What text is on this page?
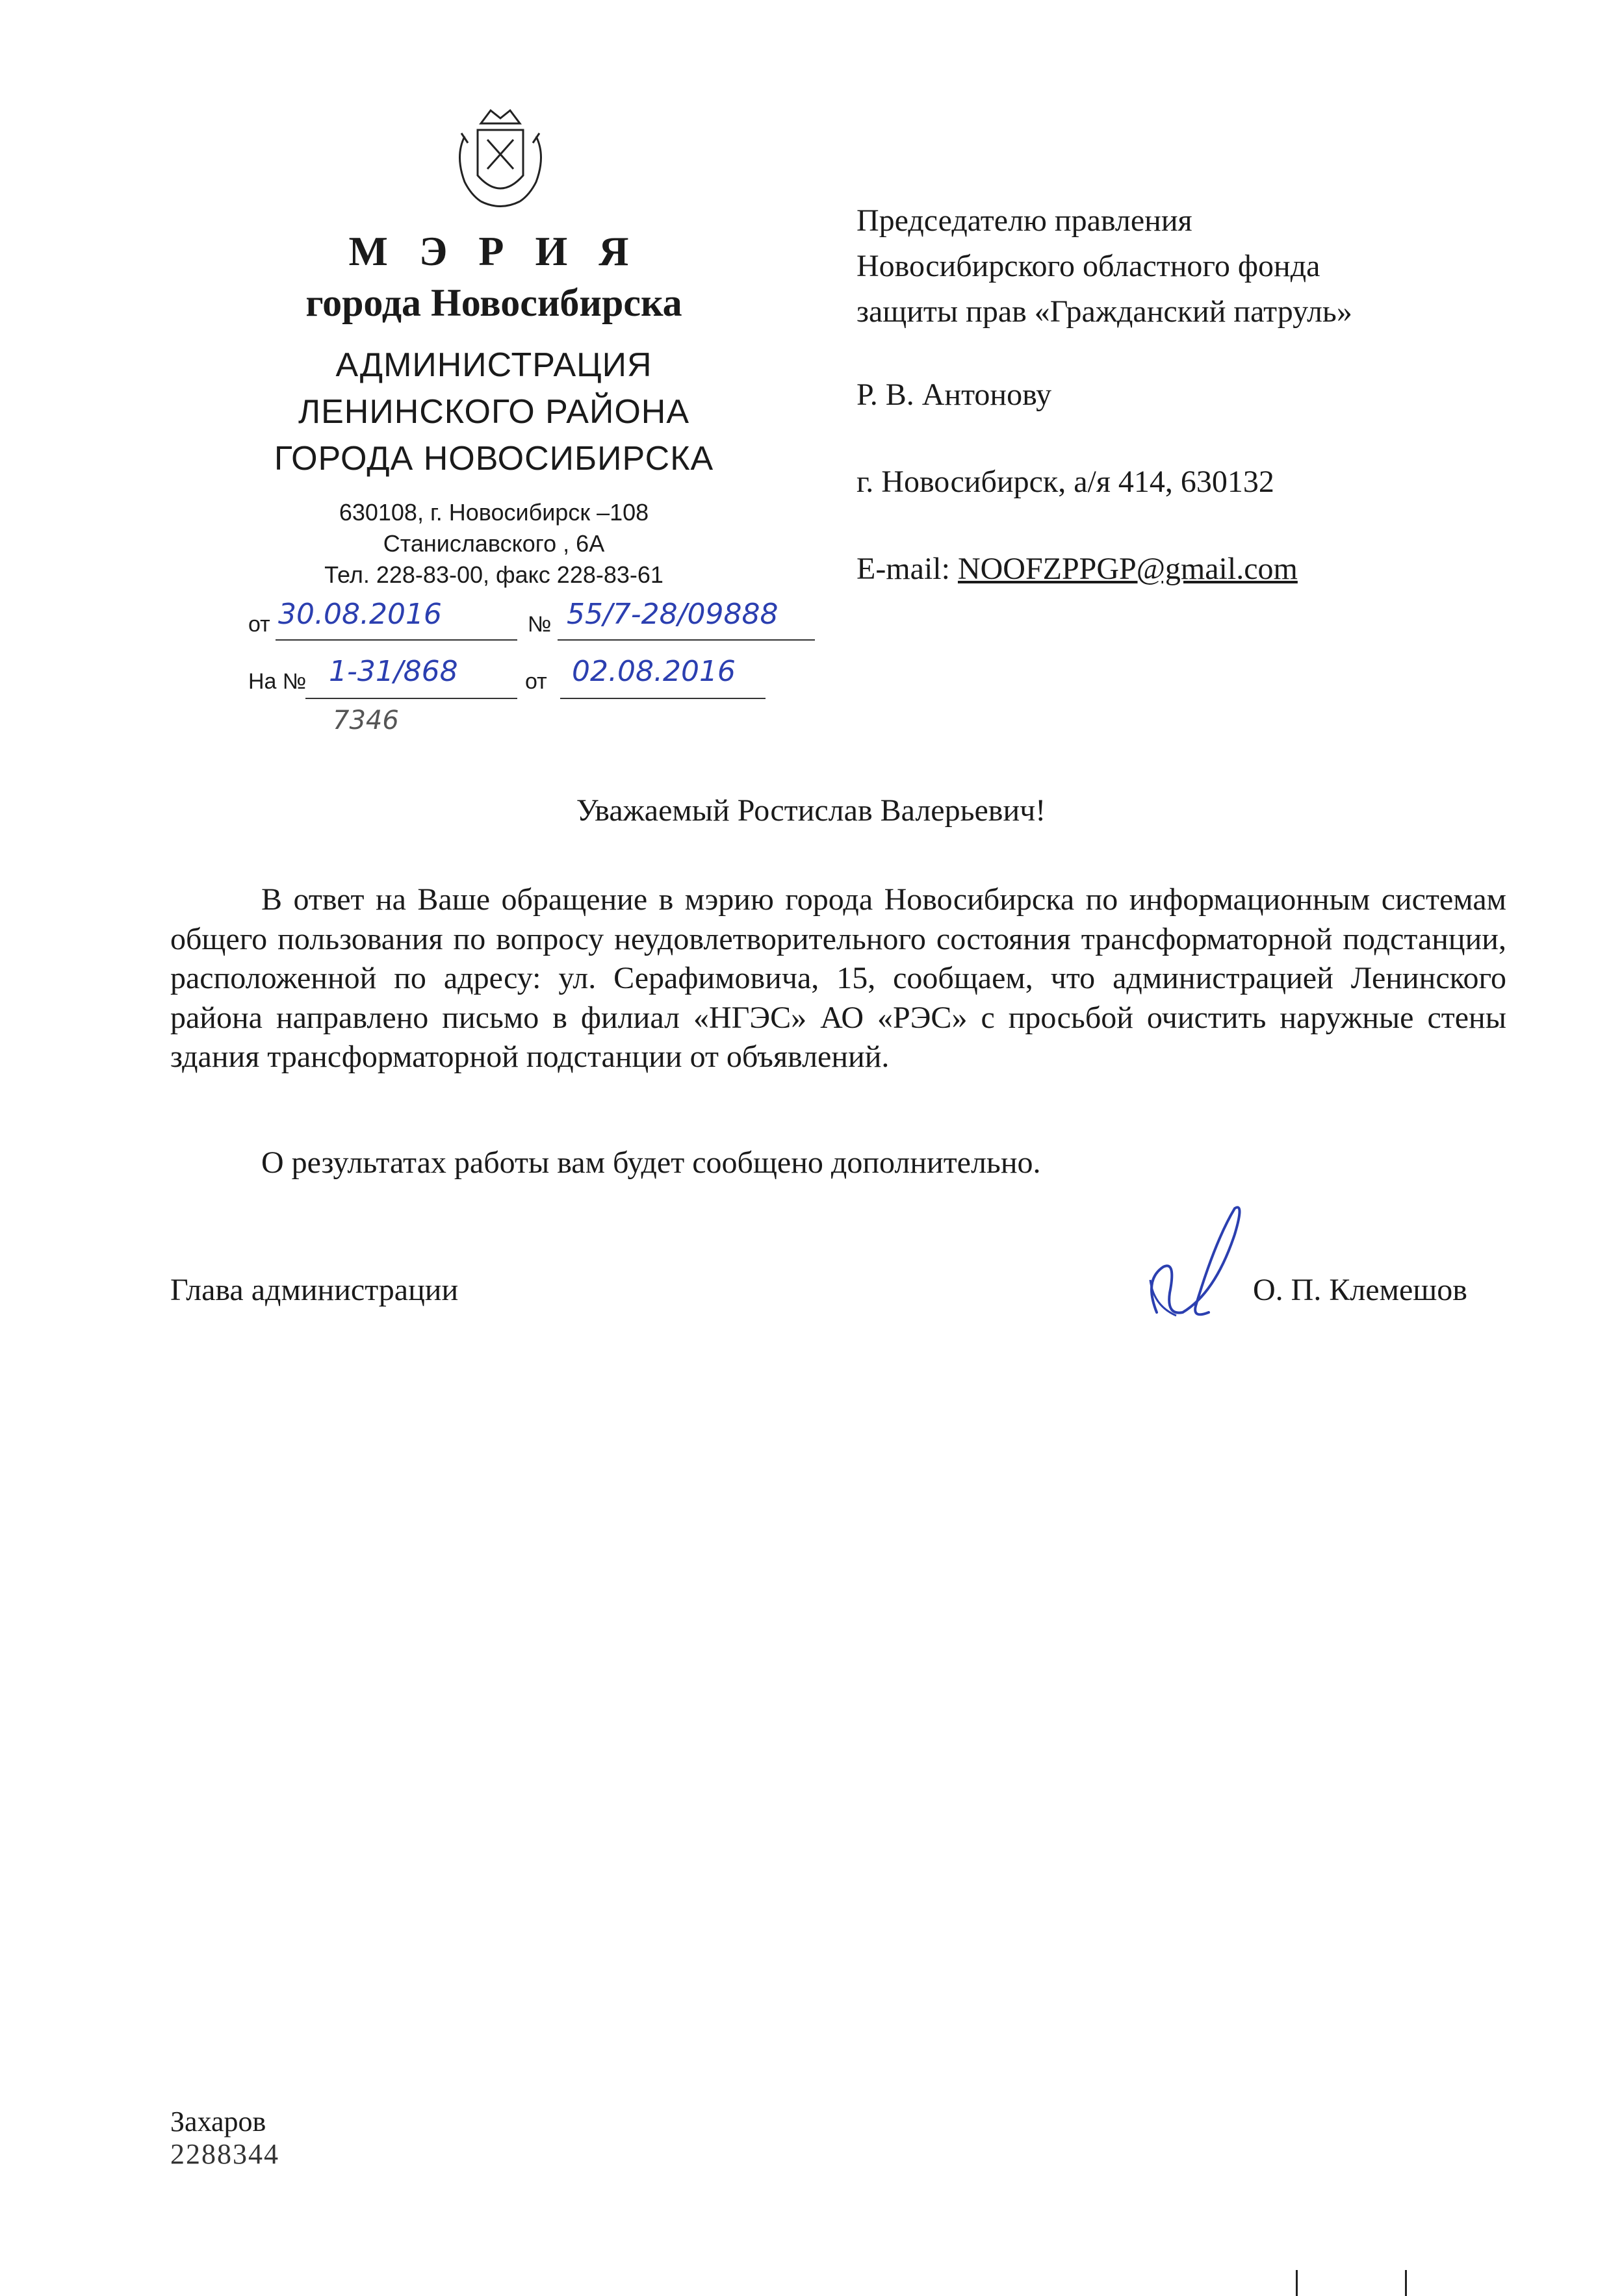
М Э Р И Я
города Новосибирска
АДМИНИСТРАЦИЯ
ЛЕНИНСКОГО РАЙОНА
ГОРОДА НОВОСИБИРСКА
630108, г. Новосибирск –108
Станиславского , 6А
Тел. 228-83-00, факс 228-83-61
от 30.08.2016	№ 55/7-28/09888
На № 1-31/868
7346
от 02.08.2016
Председателю правления
Новосибирского областного фонда
защиты прав «Гражданский патруль»
Р. В. Антонову
г. Новосибирск, а/я 414, 630132
E-mail: NOOFZPPGP@gmail.com
Уважаемый Ростислав Валерьевич!
В ответ на Ваше обращение в мэрию города Новосибирска по информационным системам общего пользования по вопросу неудовлетворительного состояния трансформаторной подстанции, расположенной по адресу: ул. Серафимовича, 15, сообщаем, что администрацией Ленинского района направлено письмо в филиал «НГЭС» АО «РЭС» с просьбой очистить наружные стены здания трансформаторной подстанции от объявлений.
О результатах работы вам будет сообщено дополнительно.
Глава администрации	О. П. Клемешов
Захаров
2288344
